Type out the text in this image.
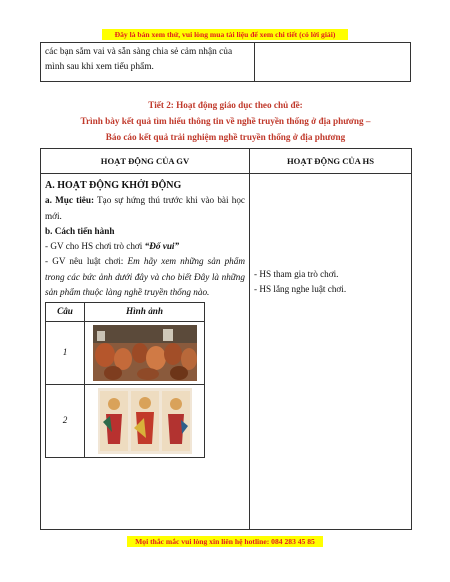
Đây là bản xem thử, vui lòng mua tài liệu để xem chi tiết (có lời giải)
các bạn sắm vai và sẵn sàng chia sẻ cảm nhận của mình sau khi xem tiểu phẩm.	
Tiết 2: Hoạt động giáo dục theo chủ đề:
Trình bày kết quả tìm hiểu thông tin về nghề truyền thống ở địa phương –
Báo cáo kết quả trải nghiệm nghề truyền thống ở địa phương
HOẠT ĐỘNG CỦA GV	HOẠT ĐỘNG CỦA HS

A. HOẠT ĐỘNG KHỞI ĐỘNG
a. Mục tiêu: Tạo sự hứng thú trước khi vào bài học mới.
b. Cách tiến hành
- GV cho HS chơi trò chơi “Đố vui”
- GV nêu luật chơi: Em hãy xem những sản phẩm trong các bức ảnh dưới đây và cho biết Đây là những sản phẩm thuộc làng nghề truyền thống nào.
Câu	Hình ảnh
1	

2	

- HS tham gia trò chơi.
- HS lắng nghe luật chơi.
Mọi thắc mắc vui lòng xin liên hệ hotline: 084 283 45 85
